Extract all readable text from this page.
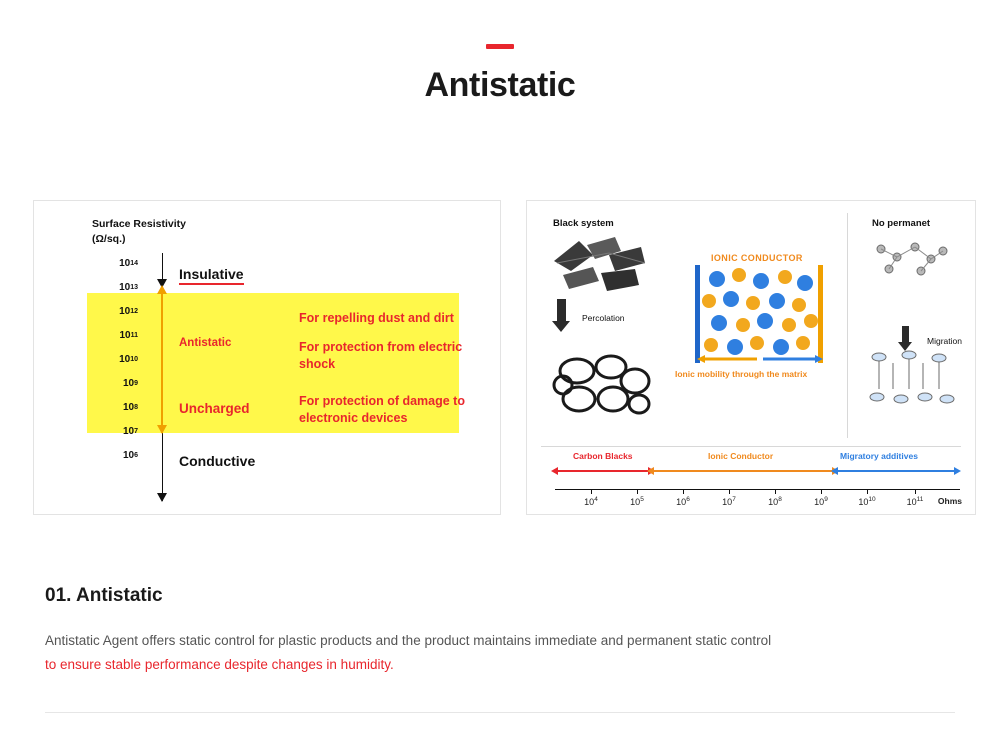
Antistatic
Surface Resistivity (Ω/sq.)
10 14
10 13
10 12
10 11
10 10
10 9
10 8
10 7
10 6
Insulative
Antistatic
Uncharged
Conductive
For repelling dust and dirt
For protection from electric shock
For protection of damage to electronic devices
Black system	No permanet
Percolation
IONIC CONDUCTOR
Ionic mobility through the matrix
Migration
Carbon Blacks	Ionic Conductor	Migratory additives
$10^4$	$10^5$	$10^6$	$10^7$	$10^8$	$10^9$	$10^{10}$	$10^{11}$ Ohms
01. Antistatic
Antistatic Agent offers static control for plastic products and the product maintains immediate and permanent static control
to ensure stable performance despite changes in humidity.
